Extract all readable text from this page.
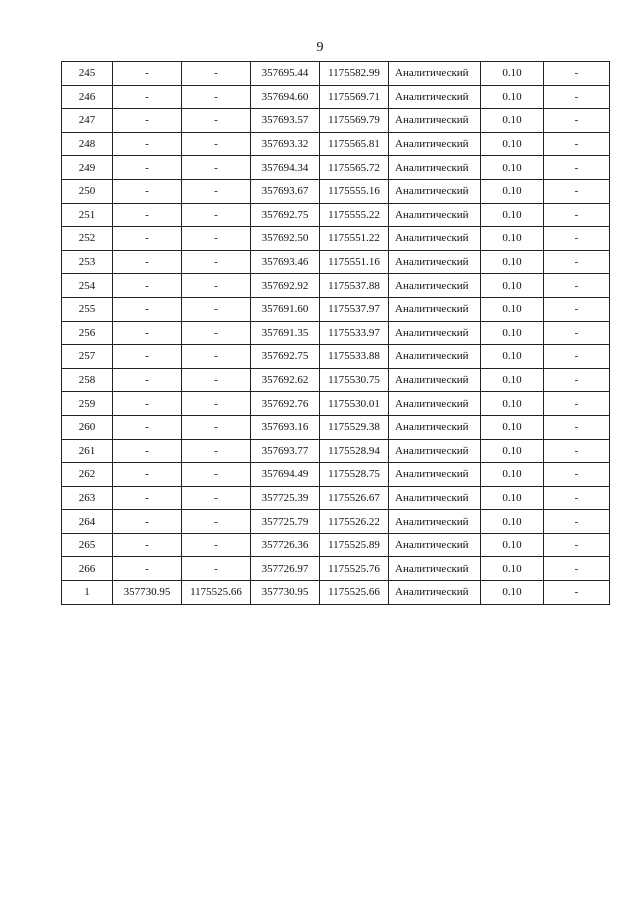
9
245	-	-	357695.44	1175582.99	Аналитический	0.10	-
246	-	-	357694.60	1175569.71	Аналитический	0.10	-
247	-	-	357693.57	1175569.79	Аналитический	0.10	-
248	-	-	357693.32	1175565.81	Аналитический	0.10	-
249	-	-	357694.34	1175565.72	Аналитический	0.10	-
250	-	-	357693.67	1175555.16	Аналитический	0.10	-
251	-	-	357692.75	1175555.22	Аналитический	0.10	-
252	-	-	357692.50	1175551.22	Аналитический	0.10	-
253	-	-	357693.46	1175551.16	Аналитический	0.10	-
254	-	-	357692.92	1175537.88	Аналитический	0.10	-
255	-	-	357691.60	1175537.97	Аналитический	0.10	-
256	-	-	357691.35	1175533.97	Аналитический	0.10	-
257	-	-	357692.75	1175533.88	Аналитический	0.10	-
258	-	-	357692.62	1175530.75	Аналитический	0.10	-
259	-	-	357692.76	1175530.01	Аналитический	0.10	-
260	-	-	357693.16	1175529.38	Аналитический	0.10	-
261	-	-	357693.77	1175528.94	Аналитический	0.10	-
262	-	-	357694.49	1175528.75	Аналитический	0.10	-
263	-	-	357725.39	1175526.67	Аналитический	0.10	-
264	-	-	357725.79	1175526.22	Аналитический	0.10	-
265	-	-	357726.36	1175525.89	Аналитический	0.10	-
266	-	-	357726.97	1175525.76	Аналитический	0.10	-
1	357730.95	1175525.66	357730.95	1175525.66	Аналитический	0.10	-
